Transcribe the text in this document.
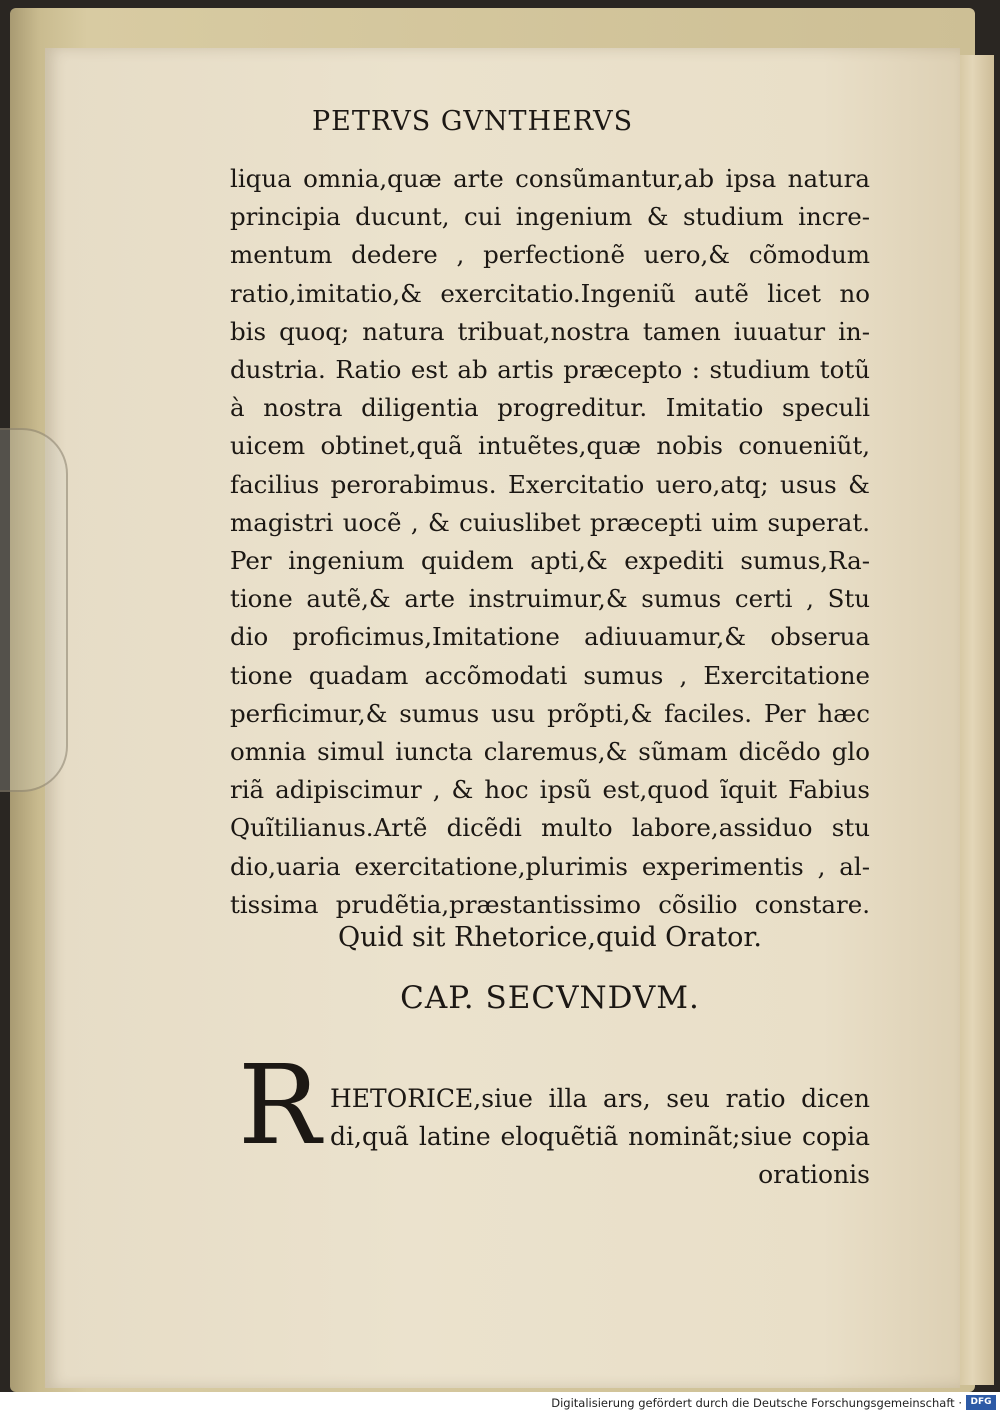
PETRVS GVNTHERVS
liqua omnia,quæ arte consũmantur,ab ipsa natura
principia ducunt, cui ingenium & studium incre-
mentum dedere , perfectionẽ uero,& cõmodum
ratio,imitatio,& exercitatio.Ingeniũ autẽ licet no
bis quoq; natura tribuat,nostra tamen iuuatur in-
dustria. Ratio est ab artis præcepto : studium totũ
à nostra diligentia progreditur. Imitatio speculi
uicem obtinet,quã intuẽtes,quæ nobis conueniũt,
facilius perorabimus. Exercitatio uero,atq; usus &
magistri uocẽ , & cuiuslibet præcepti uim superat.
Per ingenium quidem apti,& expediti sumus,Ra-
tione autẽ,& arte instruimur,& sumus certi , Stu
dio proficimus,Imitatione adiuuamur,& obserua
tione quadam accõmodati sumus , Exercitatione
perficimur,& sumus usu prõpti,& faciles. Per hæc
omnia simul iuncta claremus,& sũmam dicẽdo glo
riã adipiscimur , & hoc ipsũ est,quod ĩquit Fabius
Quĩtilianus.Artẽ dicẽdi multo labore,assiduo stu
dio,uaria exercitatione,plurimis experimentis , al-
tissima prudẽtia,præstantissimo cõsilio constare.
Quid sit Rhetorice,quid Orator.
CAP. SECVNDVM.
R HETORICE,siue illa ars, seu ratio dicen
di,quã latine eloquẽtiã nominãt;siue copia
orationis
Digitalisierung gefördert durch die Deutsche Forschungsgemeinschaft · DFG
